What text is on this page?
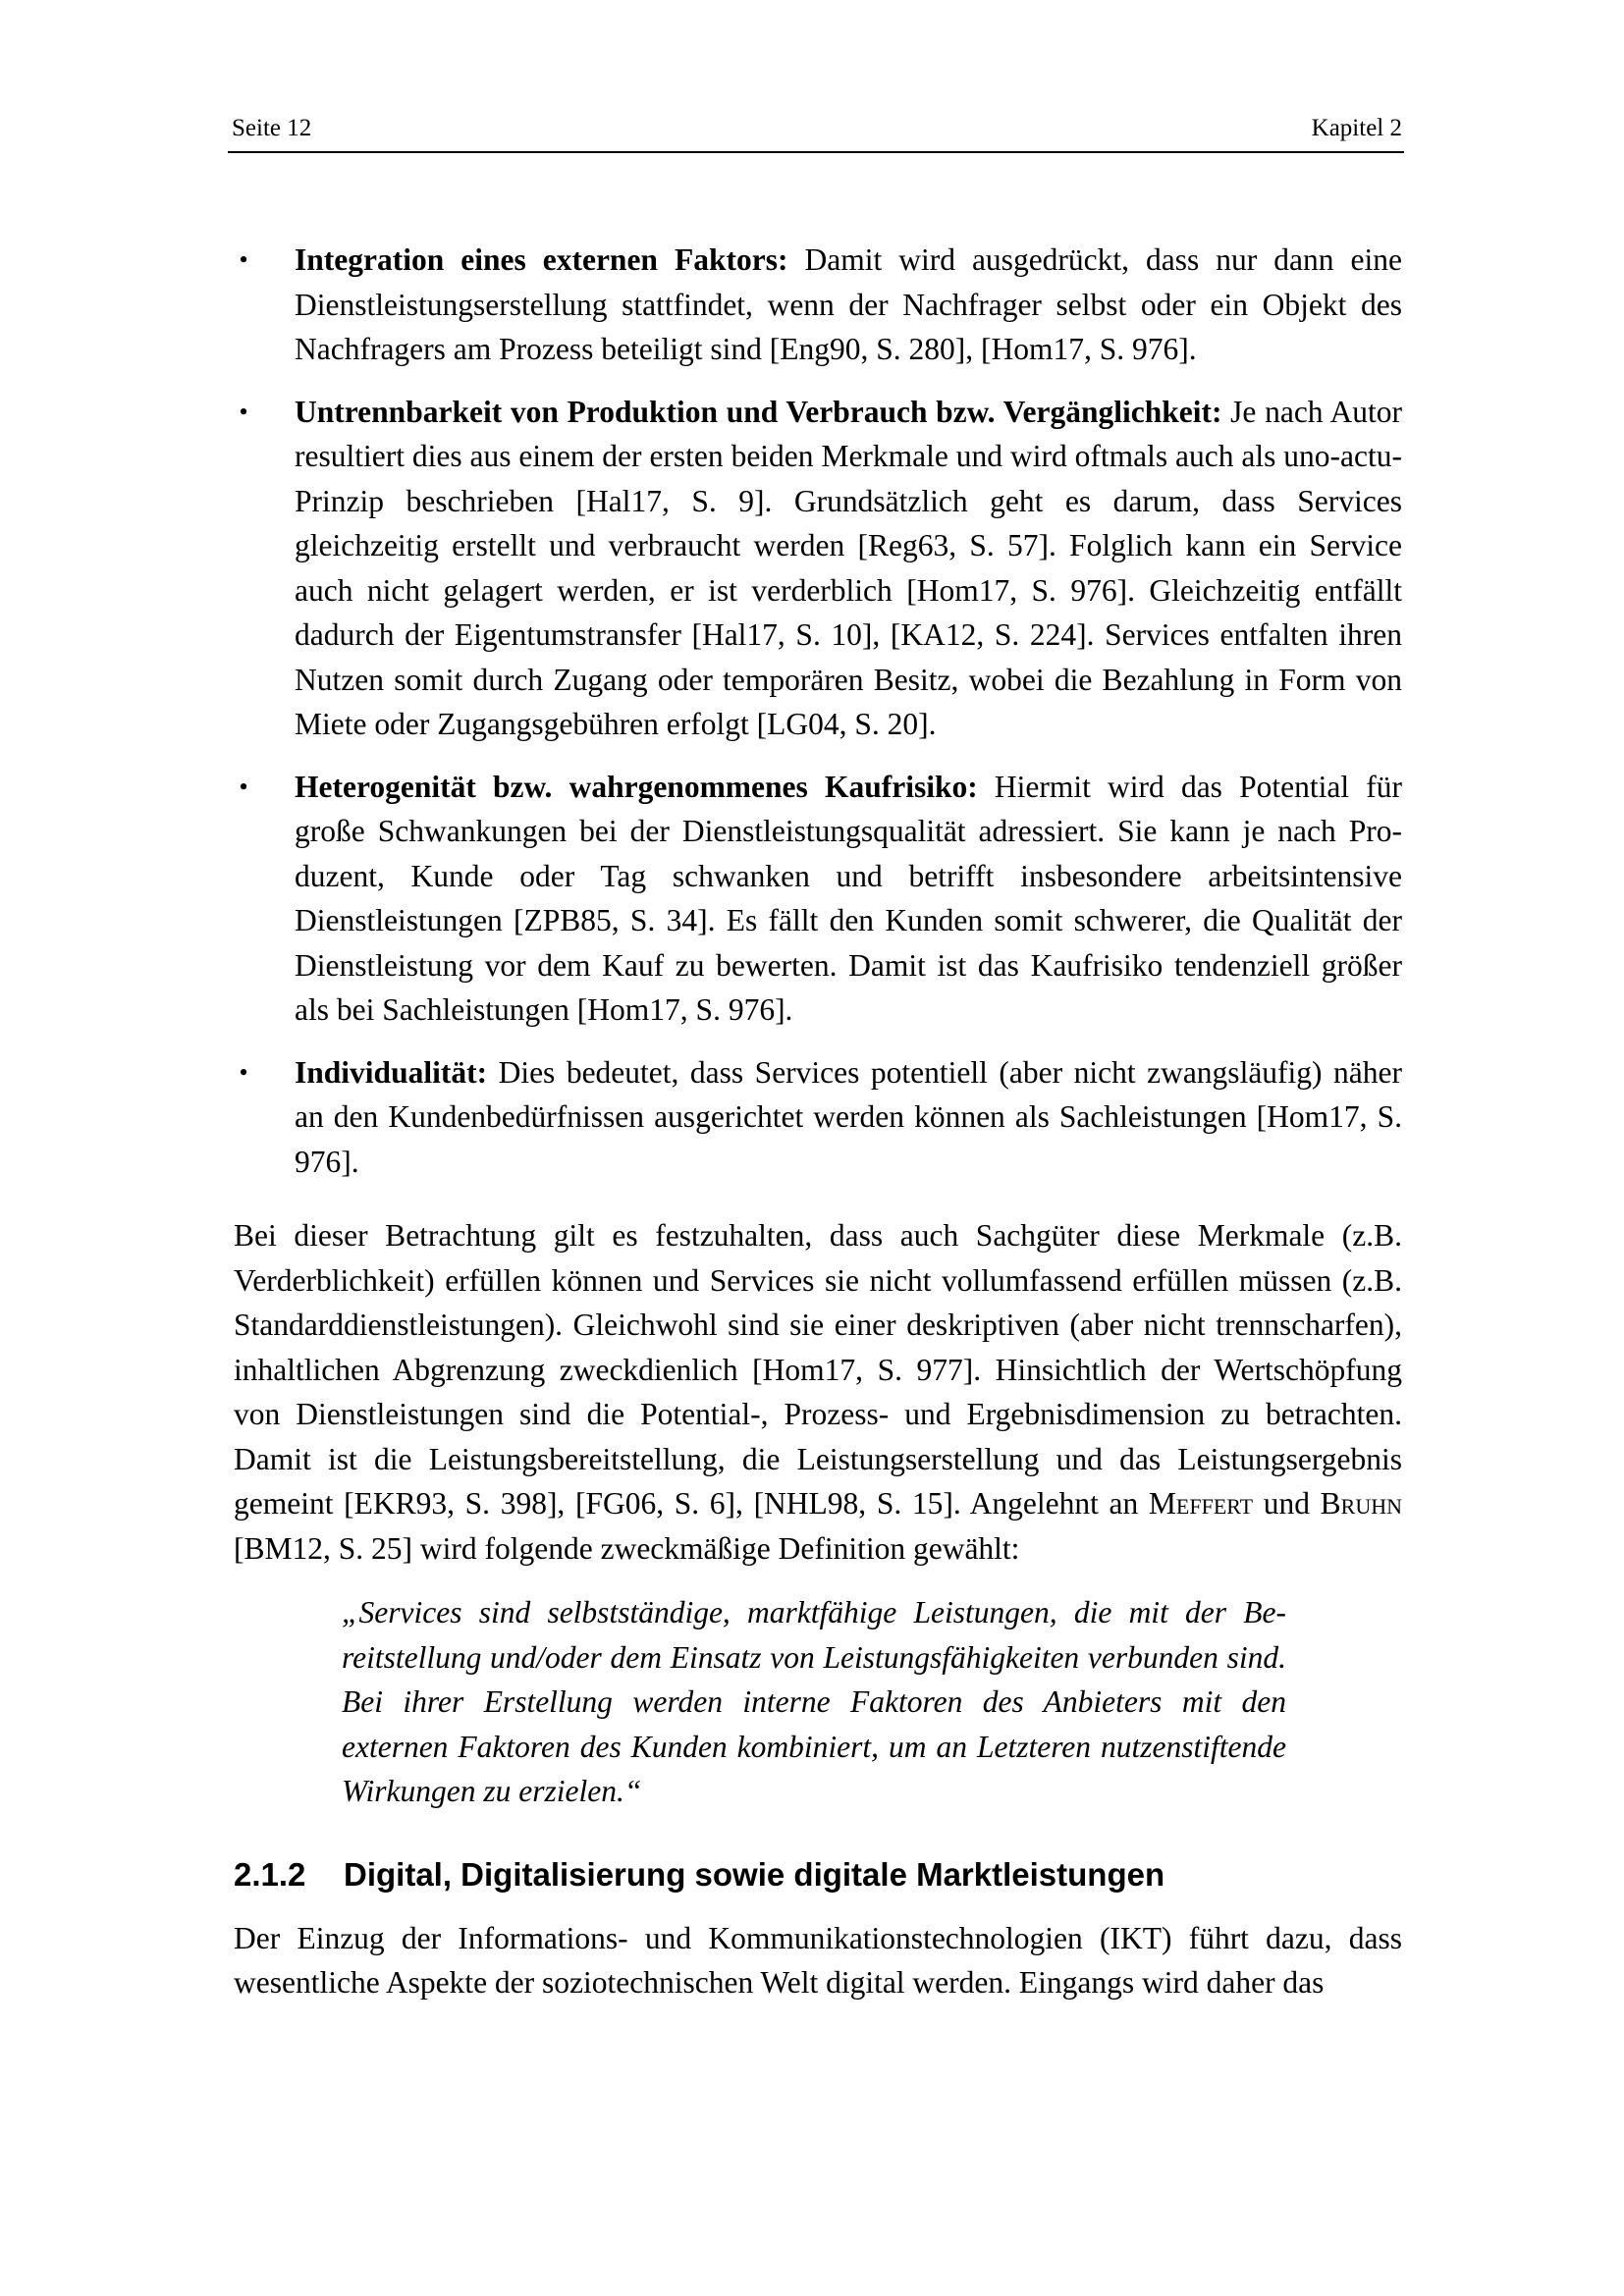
Seite 12	Kapitel 2
• Integration eines externen Faktors: Damit wird ausgedrückt, dass nur dann eine Dienstleistungserstellung stattfindet, wenn der Nachfrager selbst oder ein Objekt des Nachfragers am Prozess beteiligt sind [Eng90, S. 280], [Hom17, S. 976].
• Untrennbarkeit von Produktion und Verbrauch bzw. Vergänglichkeit: Je nach Autor resultiert dies aus einem der ersten beiden Merkmale und wird oftmals auch als uno-actu-Prinzip beschrieben [Hal17, S. 9]. Grundsätzlich geht es darum, dass Services gleichzeitig erstellt und verbraucht werden [Reg63, S. 57]. Folglich kann ein Service auch nicht gelagert werden, er ist verderblich [Hom17, S. 976]. Gleichzeitig entfällt dadurch der Eigentumstransfer [Hal17, S. 10], [KA12, S. 224]. Services entfalten ihren Nutzen somit durch Zugang oder temporären Besitz, wobei die Bezahlung in Form von Miete oder Zugangsgebühren erfolgt [LG04, S. 20].
• Heterogenität bzw. wahrgenommenes Kaufrisiko: Hiermit wird das Potential für große Schwankungen bei der Dienstleistungsqualität adressiert. Sie kann je nach Produzent, Kunde oder Tag schwanken und betrifft insbesondere arbeitsintensive Dienstleistungen [ZPB85, S. 34]. Es fällt den Kunden somit schwerer, die Qualität der Dienstleistung vor dem Kauf zu bewerten. Damit ist das Kaufrisiko tendenziell größer als bei Sachleistungen [Hom17, S. 976].
• Individualität: Dies bedeutet, dass Services potentiell (aber nicht zwangsläufig) näher an den Kundenbedürfnissen ausgerichtet werden können als Sachleistungen [Hom17, S. 976].

Bei dieser Betrachtung gilt es festzuhalten, dass auch Sachgüter diese Merkmale (z.B. Verderblichkeit) erfüllen können und Services sie nicht vollumfassend erfüllen müssen (z.B. Standarddienstleistungen). Gleichwohl sind sie einer deskriptiven (aber nicht trennscharfen), inhaltlichen Abgrenzung zweckdienlich [Hom17, S. 977]. Hinsichtlich der Wertschöpfung von Dienstleistungen sind die Potential-, Prozess- und Ergebnisdimension zu betrachten. Damit ist die Leistungsbereitstellung, die Leistungserstellung und das Leistungsergebnis gemeint [EKR93, S. 398], [FG06, S. 6], [NHL98, S. 15]. Angelehnt an Meffert und Bruhn [BM12, S. 25] wird folgende zweckmäßige Definition gewählt:

„Services sind selbstständige, marktfähige Leistungen, die mit der Bereitstellung und/oder dem Einsatz von Leistungsfähigkeiten verbunden sind. Bei ihrer Erstellung werden interne Faktoren des Anbieters mit den externen Faktoren des Kunden kombiniert, um an Letzteren nutzenstiftende Wirkungen zu erzielen.“
2.1.2 Digital, Digitalisierung sowie digitale Marktleistungen

Der Einzug der Informations- und Kommunikationstechnologien (IKT) führt dazu, dass wesentliche Aspekte der soziotechnischen Welt digital werden. Eingangs wird daher das
